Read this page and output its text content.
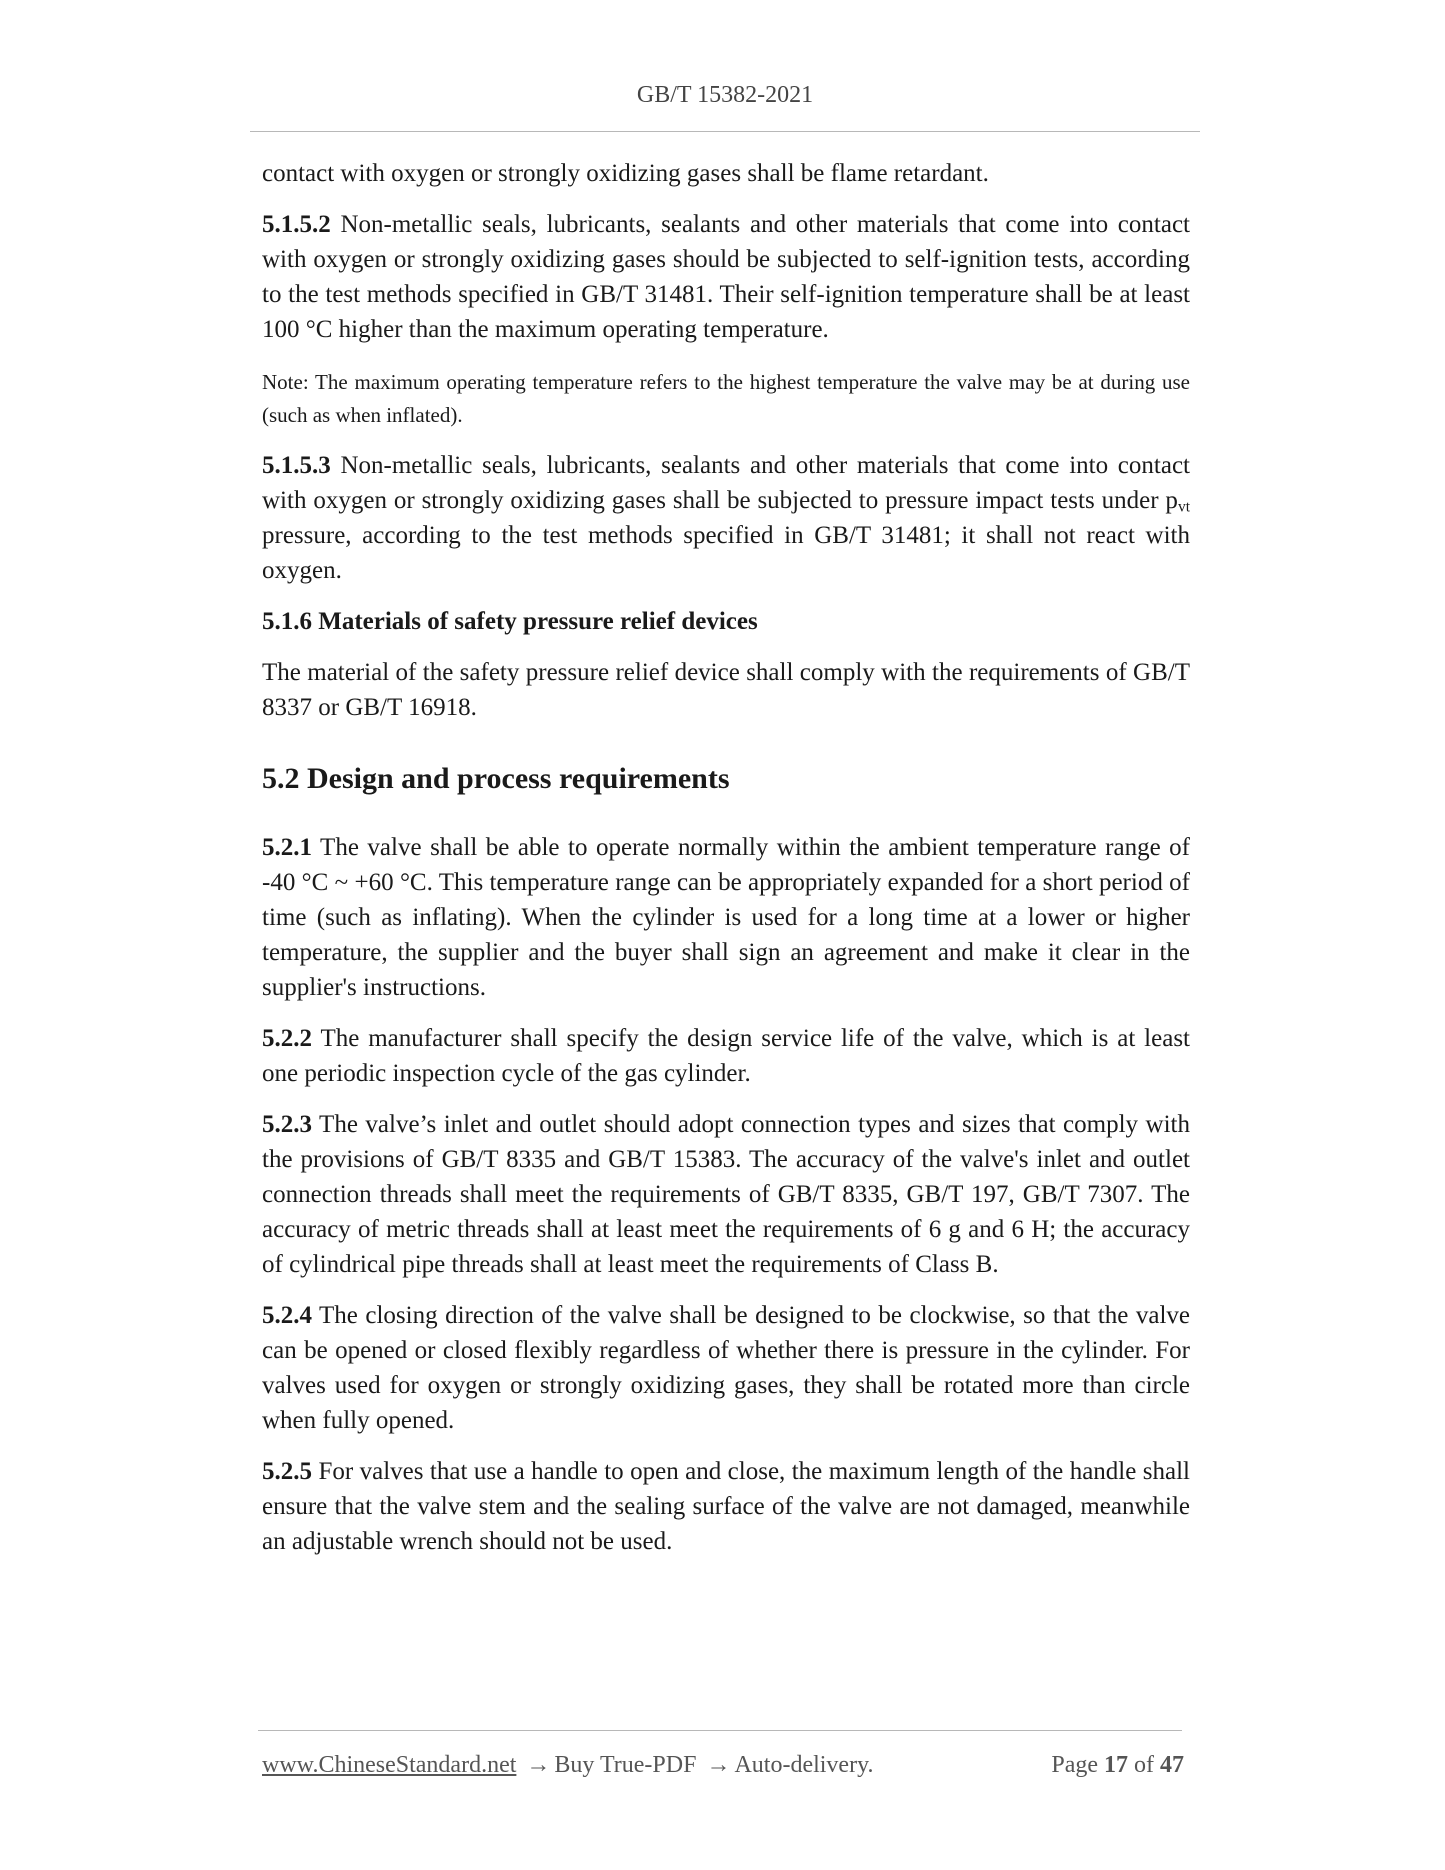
GB/T 15382-2021

contact with oxygen or strongly oxidizing gases shall be flame retardant.

5.1.5.2 Non-metallic seals, lubricants, sealants and other materials that come into contact with oxygen or strongly oxidizing gases should be subjected to self-ignition tests, according to the test methods specified in GB/T 31481. Their self-ignition temperature shall be at least 100 °C higher than the maximum operating temperature.

Note: The maximum operating temperature refers to the highest temperature the valve may be at during use (such as when inflated).

5.1.5.3 Non-metallic seals, lubricants, sealants and other materials that come into contact with oxygen or strongly oxidizing gases shall be subjected to pressure impact tests under $p_{vt}$ pressure, according to the test methods specified in GB/T 31481; it shall not react with oxygen.

5.1.6 Materials of safety pressure relief devices

The material of the safety pressure relief device shall comply with the requirements of GB/T 8337 or GB/T 16918.

5.2 Design and process requirements

5.2.1 The valve shall be able to operate normally within the ambient temperature range of -40 °C ~ +60 °C. This temperature range can be appropriately expanded for a short period of time (such as inflating). When the cylinder is used for a long time at a lower or higher temperature, the supplier and the buyer shall sign an agreement and make it clear in the supplier's instructions.

5.2.2 The manufacturer shall specify the design service life of the valve, which is at least one periodic inspection cycle of the gas cylinder.

5.2.3 The valve’s inlet and outlet should adopt connection types and sizes that comply with the provisions of GB/T 8335 and GB/T 15383. The accuracy of the valve's inlet and outlet connection threads shall meet the requirements of GB/T 8335, GB/T 197, GB/T 7307. The accuracy of metric threads shall at least meet the requirements of 6 g and 6 H; the accuracy of cylindrical pipe threads shall at least meet the requirements of Class B.

5.2.4 The closing direction of the valve shall be designed to be clockwise, so that the valve can be opened or closed flexibly regardless of whether there is pressure in the cylinder. For valves used for oxygen or strongly oxidizing gases, they shall be rotated more than circle when fully opened.

5.2.5 For valves that use a handle to open and close, the maximum length of the handle shall ensure that the valve stem and the sealing surface of the valve are not damaged, meanwhile an adjustable wrench should not be used.

www.ChineseStandard.net → Buy True-PDF → Auto-delivery.	Page 17 of 47
